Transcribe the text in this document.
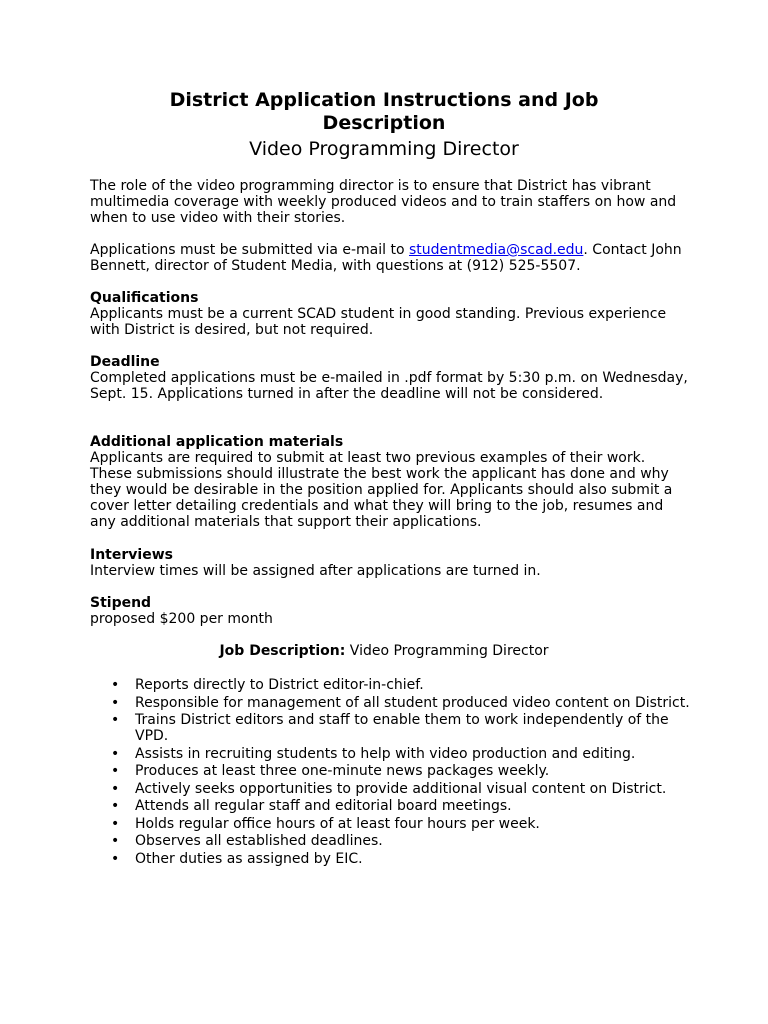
District Application Instructions and Job Description
Video Programming Director
The role of the video programming director is to ensure that District has vibrant multimedia coverage with weekly produced videos and to train staffers on how and when to use video with their stories.
Applications must be submitted via e-mail to studentmedia@scad.edu. Contact John Bennett, director of Student Media, with questions at (912) 525-5507.
Qualifications
Applicants must be a current SCAD student in good standing. Previous experience with District is desired, but not required.
Deadline
Completed applications must be e-mailed in .pdf format by 5:30 p.m. on Wednesday, Sept. 15. Applications turned in after the deadline will not be considered.
Additional application materials
Applicants are required to submit at least two previous examples of their work. These submissions should illustrate the best work the applicant has done and why they would be desirable in the position applied for. Applicants should also submit a cover letter detailing credentials and what they will bring to the job, resumes and any additional materials that support their applications.
Interviews
Interview times will be assigned after applications are turned in.
Stipend
proposed $200 per month
Job Description: Video Programming Director
• Reports directly to District editor-in-chief.
• Responsible for management of all student produced video content on District.
• Trains District editors and staff to enable them to work independently of the VPD.
• Assists in recruiting students to help with video production and editing.
• Produces at least three one-minute news packages weekly.
• Actively seeks opportunities to provide additional visual content on District.
• Attends all regular staff and editorial board meetings.
• Holds regular office hours of at least four hours per week.
• Observes all established deadlines.
• Other duties as assigned by EIC.
